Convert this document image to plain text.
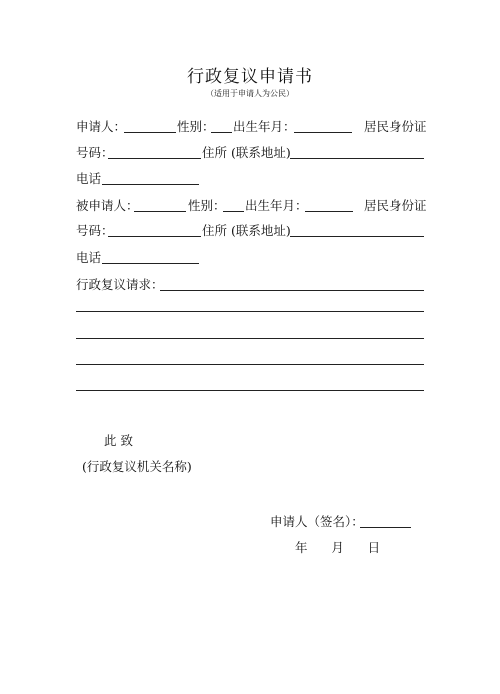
行政复议申请书
（适用于申请人为公民）
申请人：	性别： 出生年月：	居民身份证
号码：	住所 (联系地址)
电话
被申请人：	性别： 出生年月：	居民身份证
号码：	住所 (联系地址)
电话
行政复议请求：
此 致
(行政复议机关名称)
申请人（签名）：
年      月      日
